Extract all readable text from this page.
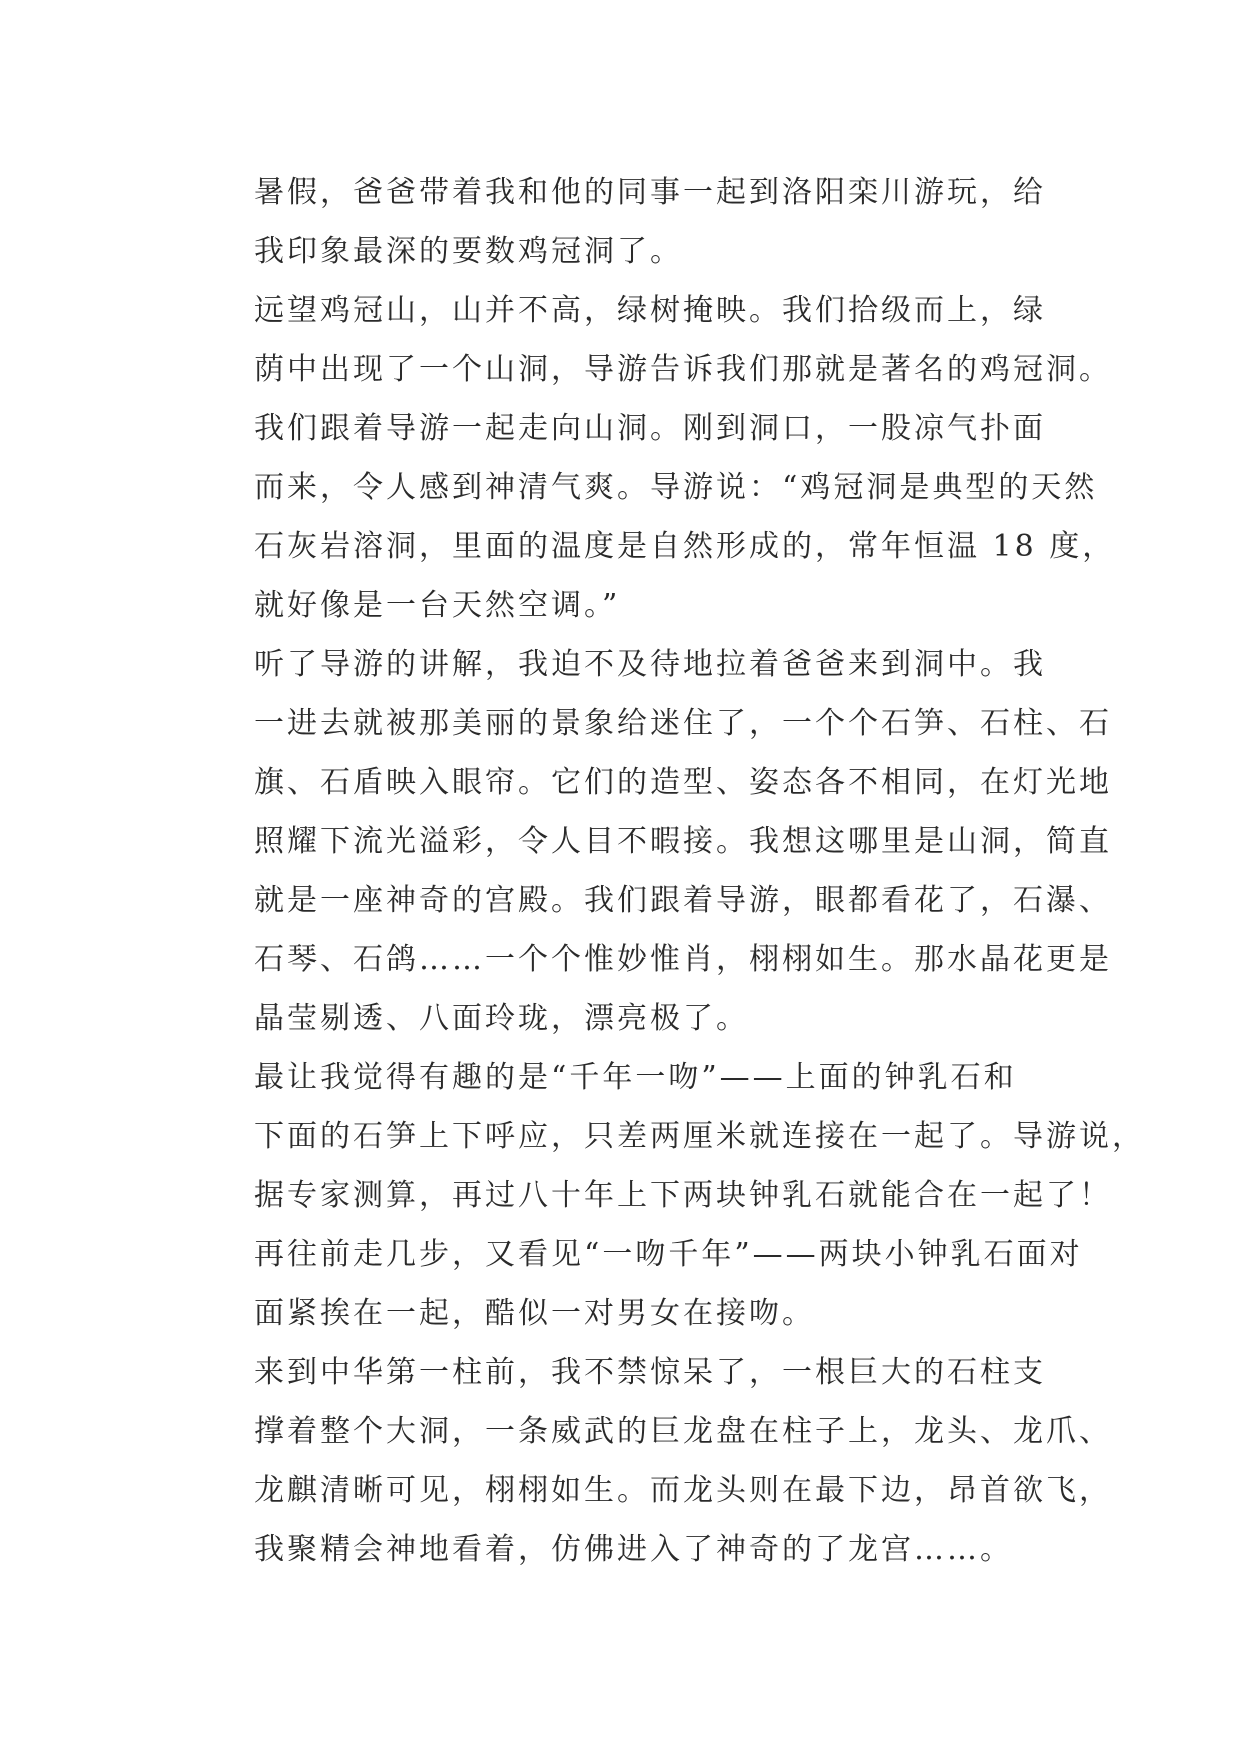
暑假，爸爸带着我和他的同事一起到洛阳栾川游玩，给
我印象最深的要数鸡冠洞了。

远望鸡冠山，山并不高，绿树掩映。我们拾级而上，绿
荫中出现了一个山洞，导游告诉我们那就是著名的鸡冠洞。

我们跟着导游一起走向山洞。刚到洞口，一股凉气扑面
而来，令人感到神清气爽。导游说：“鸡冠洞是典型的天然
石灰岩溶洞，里面的温度是自然形成的，常年恒温 18 度，
就好像是一台天然空调。”

听了导游的讲解，我迫不及待地拉着爸爸来到洞中。我
一进去就被那美丽的景象给迷住了，一个个石笋、石柱、石
旗、石盾映入眼帘。它们的造型、姿态各不相同，在灯光地
照耀下流光溢彩，令人目不暇接。我想这哪里是山洞，简直
就是一座神奇的宫殿。我们跟着导游，眼都看花了，石瀑、
石琴、石鸽……一个个惟妙惟肖，栩栩如生。那水晶花更是
晶莹剔透、八面玲珑，漂亮极了。

最让我觉得有趣的是“千年一吻”——上面的钟乳石和
下面的石笋上下呼应，只差两厘米就连接在一起了。导游说，
据专家测算，再过八十年上下两块钟乳石就能合在一起了！
再往前走几步，又看见“一吻千年”——两块小钟乳石面对
面紧挨在一起，酷似一对男女在接吻。

来到中华第一柱前，我不禁惊呆了，一根巨大的石柱支
撑着整个大洞，一条威武的巨龙盘在柱子上，龙头、龙爪、
龙麒清晰可见，栩栩如生。而龙头则在最下边，昂首欲飞，
我聚精会神地看着，仿佛进入了神奇的了龙宫……。
